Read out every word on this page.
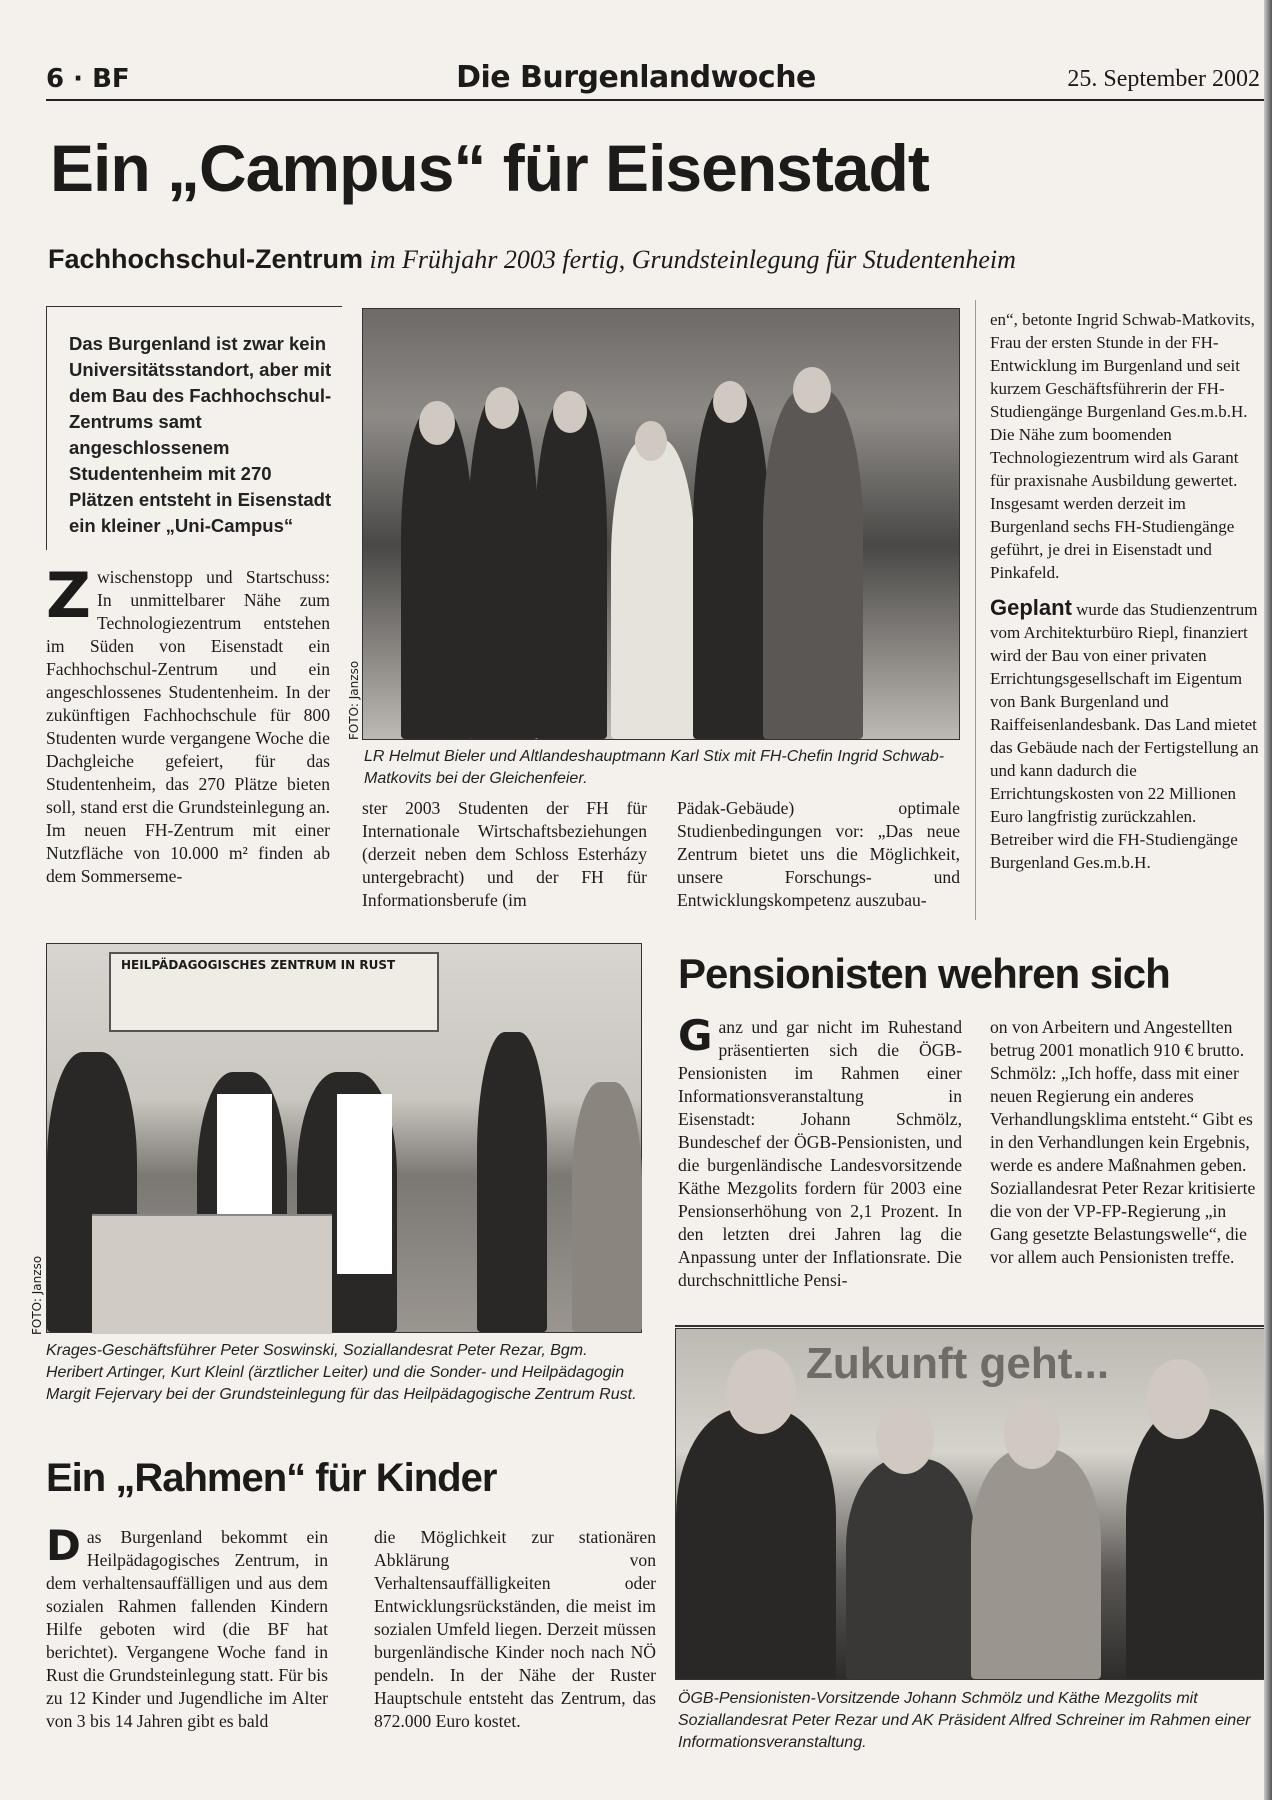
6 · BF	Die Burgenlandwoche	25. September 2002
Ein „Campus“ für Eisenstadt
Fachhochschul-Zentrum im Frühjahr 2003 fertig, Grundsteinlegung für Studentenheim
Das Burgenland ist zwar kein Universitätsstandort, aber mit dem Bau des Fachhochschul-Zentrums samt angeschlossenem Studentenheim mit 270 Plätzen entsteht in Eisenstadt ein kleiner „Uni-Campus“
FOTO: Janzso
LR Helmut Bieler und Altlandeshauptmann Karl Stix mit FH-Chefin Ingrid Schwab-Matkovits bei der Gleichenfeier.
Zwischenstopp und Startschuss: In unmittelbarer Nähe zum Technologiezentrum entstehen im Süden von Eisenstadt ein Fachhochschul-Zentrum und ein angeschlossenes Studentenheim. In der zukünftigen Fachhochschule für 800 Studenten wurde vergangene Woche die Dachgleiche gefeiert, für das Studentenheim, das 270 Plätze bieten soll, stand erst die Grundsteinlegung an. Im neuen FH-Zentrum mit einer Nutzfläche von 10.000 m² finden ab dem Sommerseme-
ster 2003 Studenten der FH für Internationale Wirtschaftsbeziehungen (derzeit neben dem Schloss Esterházy untergebracht) und der FH für Informationsberufe (im
Pädak-Gebäude) optimale Studienbedingungen vor: „Das neue Zentrum bietet uns die Möglichkeit, unsere Forschungs- und Entwicklungskompetenz auszubau-
en“, betonte Ingrid Schwab-Matkovits, Frau der ersten Stunde in der FH-Entwicklung im Burgenland und seit kurzem Geschäftsführerin der FH-Studiengänge Burgenland Ges.m.b.H. Die Nähe zum boomenden Technologiezentrum wird als Garant für praxisnahe Ausbildung gewertet. Insgesamt werden derzeit im Burgenland sechs FH-Studiengänge geführt, je drei in Eisenstadt und Pinkafeld.
Geplant wurde das Studienzentrum vom Architekturbüro Riepl, finanziert wird der Bau von einer privaten Errichtungsgesellschaft im Eigentum von Bank Burgenland und Raiffeisenlandesbank. Das Land mietet das Gebäude nach der Fertigstellung an und kann dadurch die Errichtungskosten von 22 Millionen Euro langfristig zurückzahlen. Betreiber wird die FH-Studiengänge Burgenland Ges.m.b.H.
HEILPÄDAGOGISCHES ZENTRUM IN RUST
FOTO: Janzso
Krages-Geschäftsführer Peter Soswinski, Soziallandesrat Peter Rezar, Bgm. Heribert Artinger, Kurt Kleinl (ärztlicher Leiter) und die Sonder- und Heilpädagogin Margit Fejervary bei der Grundsteinlegung für das Heilpädagogische Zentrum Rust.
Ein „Rahmen“ für Kinder
Das Burgenland bekommt ein Heilpädagogisches Zentrum, in dem verhaltensauffälligen und aus dem sozialen Rahmen fallenden Kindern Hilfe geboten wird (die BF hat berichtet). Vergangene Woche fand in Rust die Grundsteinlegung statt. Für bis zu 12 Kinder und Jugendliche im Alter von 3 bis 14 Jahren gibt es bald
die Möglichkeit zur stationären Abklärung von Verhaltensauffälligkeiten oder Entwicklungsrückständen, die meist im sozialen Umfeld liegen. Derzeit müssen burgenländische Kinder noch nach NÖ pendeln. In der Nähe der Ruster Hauptschule entsteht das Zentrum, das 872.000 Euro kostet.
Pensionisten wehren sich
Ganz und gar nicht im Ruhestand präsentierten sich die ÖGB-Pensionisten im Rahmen einer Informationsveranstaltung in Eisenstadt: Johann Schmölz, Bundeschef der ÖGB-Pensionisten, und die burgenländische Landesvorsitzende Käthe Mezgolits fordern für 2003 eine Pensionserhöhung von 2,1 Prozent. In den letzten drei Jahren lag die Anpassung unter der Inflationsrate. Die durchschnittliche Pensi-
on von Arbeitern und Angestellten betrug 2001 monatlich 910 € brutto. Schmölz: „Ich hoffe, dass mit einer neuen Regierung ein anderes Verhandlungsklima entsteht.“ Gibt es in den Verhandlungen kein Ergebnis, werde es andere Maßnahmen geben. Soziallandesrat Peter Rezar kritisierte die von der VP-FP-Regierung „in Gang gesetzte Belastungswelle“, die vor allem auch Pensionisten treffe.
Zukunft geht...
ÖGB-Pensionisten-Vorsitzende Johann Schmölz und Käthe Mezgolits mit Soziallandesrat Peter Rezar und AK Präsident Alfred Schreiner im Rahmen einer Informationsveranstaltung.
